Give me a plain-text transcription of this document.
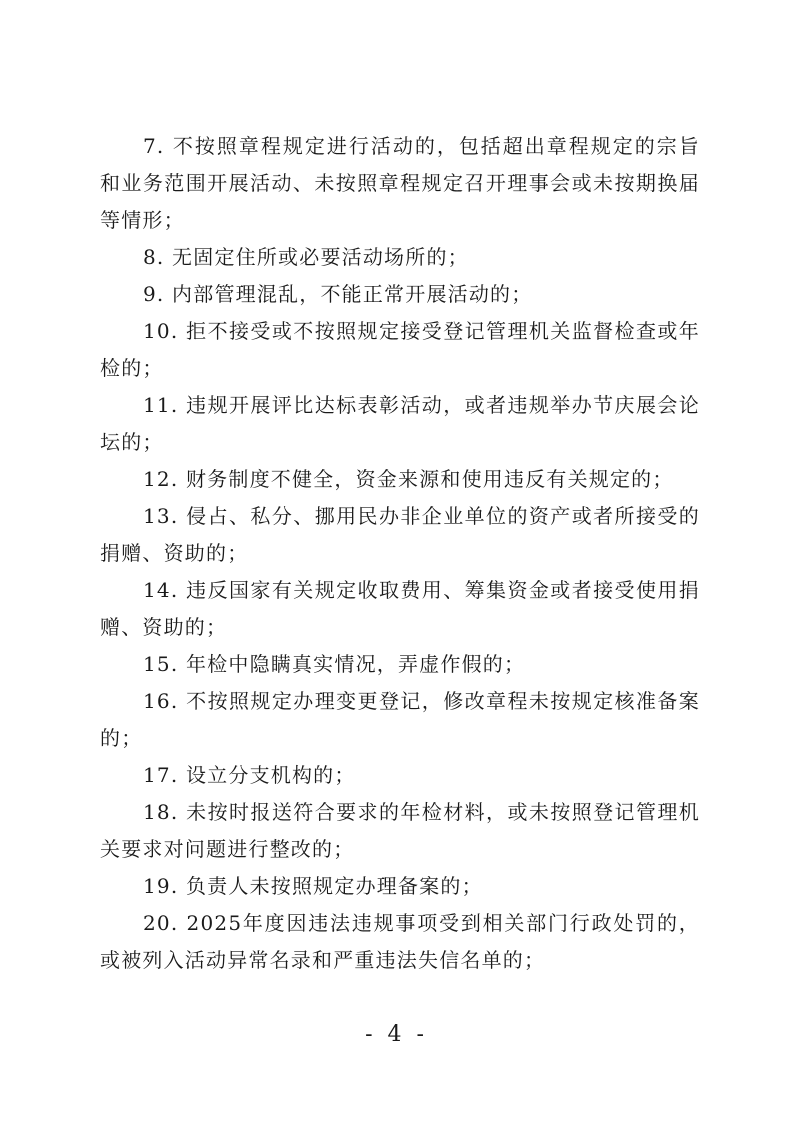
7. 不按照章程规定进行活动的，包括超出章程规定的宗旨和业务范围开展活动、未按照章程规定召开理事会或未按期换届等情形；

8. 无固定住所或必要活动场所的；

9. 内部管理混乱，不能正常开展活动的；

10. 拒不接受或不按照规定接受登记管理机关监督检查或年检的；

11. 违规开展评比达标表彰活动，或者违规举办节庆展会论坛的；

12. 财务制度不健全，资金来源和使用违反有关规定的；

13. 侵占、私分、挪用民办非企业单位的资产或者所接受的捐赠、资助的；

14. 违反国家有关规定收取费用、筹集资金或者接受使用捐赠、资助的；

15. 年检中隐瞒真实情况，弄虚作假的；

16. 不按照规定办理变更登记，修改章程未按规定核准备案的；

17. 设立分支机构的；

18. 未按时报送符合要求的年检材料，或未按照登记管理机关要求对问题进行整改的；

19. 负责人未按照规定办理备案的；

20. 2025年度因违法违规事项受到相关部门行政处罚的，或被列入活动异常名录和严重违法失信名单的；

- 4 -
